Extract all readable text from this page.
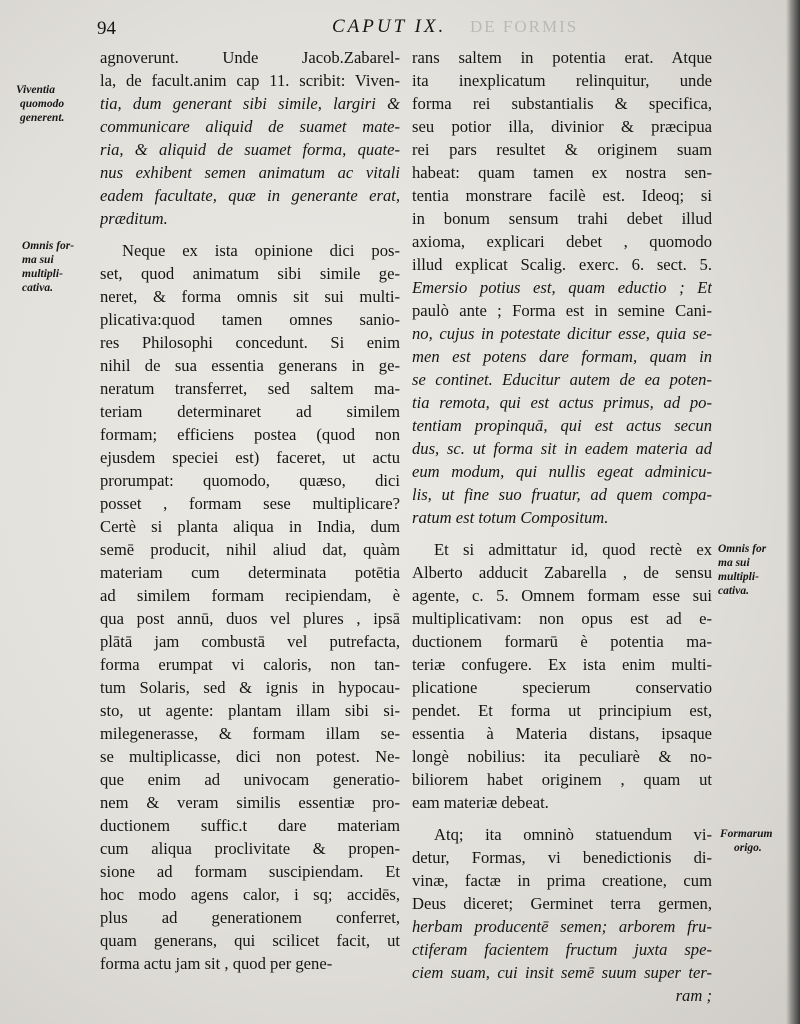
94	CAPUT IX. DE FORMIS
Viventia
quomodo
generent.
Omnis for-
ma sui
multipli-
cativa.
Omnis for
ma sui
multipli-
cativa.
Formarum
origo.
agnoverunt. Unde Jacob.Zabarel-
la, de facult.anim cap 11. scribit: Viven-
tia, dum generant sibi simile, largiri &
communicare aliquid de suamet mate-
ria, & aliquid de suamet forma, quate-
nus exhibent semen animatum ac vitali
eadem facultate, quæ in generante erat,
præditum.
Neque ex ista opinione dici pos-
set, quod animatum sibi simile ge-
neret, & forma omnis sit sui multi-
plicativa:quod tamen omnes sanio-
res Philosophi concedunt. Si enim
nihil de sua essentia generans in ge-
neratum transferret, sed saltem ma-
teriam determinaret ad similem
formam; efficiens postea (quod non
ejusdem speciei est) faceret, ut actu
prorumpat: quomodo, quæso, dici
posset , formam sese multiplicare?
Certè si planta aliqua in India, dum
semē producit, nihil aliud dat, quàm
materiam cum determinata potētia
ad similem formam recipiendam, è
qua post annū, duos vel plures , ipsā
plātā jam combustā vel putrefacta,
forma erumpat vi caloris, non tan-
tum Solaris, sed & ignis in hypocau-
sto, ut agente: plantam illam sibi si-
milegenerasse, & formam illam se-
se multiplicasse, dici non potest. Ne-
que enim ad univocam generatio-
nem & veram similis essentiæ pro-
ductionem suffic.t dare materiam
cum aliqua proclivitate & propen-
sione ad formam suscipiendam. Et
hoc modo agens calor, i sq; accidēs,
plus ad generationem conferret,
quam generans, qui scilicet facit, ut
forma actu jam sit , quod per gene-
rans saltem in potentia erat. Atque
ita inexplicatum relinquitur, unde
forma rei substantialis & specifica,
seu potior illa, divinior & præcipua
rei pars resultet & originem suam
habeat: quam tamen ex nostra sen-
tentia monstrare facilè est. Ideoq; si
in bonum sensum trahi debet illud
axioma, explicari debet , quomodo
illud explicat Scalig. exerc. 6. sect. 5.
Emersio potius est, quam eductio ; Et
paulò ante ; Forma est in semine Cani-
no, cujus in potestate dicitur esse, quia se-
men est potens dare formam, quam in
se continet. Educitur autem de ea poten-
tia remota, qui est actus primus, ad po-
tentiam propinquā, qui est actus secun
dus, sc. ut forma sit in eadem materia ad
eum modum, qui nullis egeat adminicu-
lis, ut fine suo fruatur, ad quem compa-
ratum est totum Compositum.
Et si admittatur id, quod rectè ex
Alberto adducit Zabarella , de sensu
agente, c. 5. Omnem formam esse sui
multiplicativam: non opus est ad e-
ductionem formarū è potentia ma-
teriæ confugere. Ex ista enim multi-
plicatione specierum conservatio
pendet. Et forma ut principium est,
essentia à Materia distans, ipsaque
longè nobilius: ita peculiarè & no-
biliorem habet originem , quam ut
eam materiæ debeat.
Atq; ita omninò statuendum vi-
detur, Formas, vi benedictionis di-
vinæ, factæ in prima creatione, cum
Deus diceret; Germinet terra germen,
herbam producentē semen; arborem fru-
ctiferam facientem fructum juxta spe-
ciem suam, cui insit semē suum super ter-
ram ;
